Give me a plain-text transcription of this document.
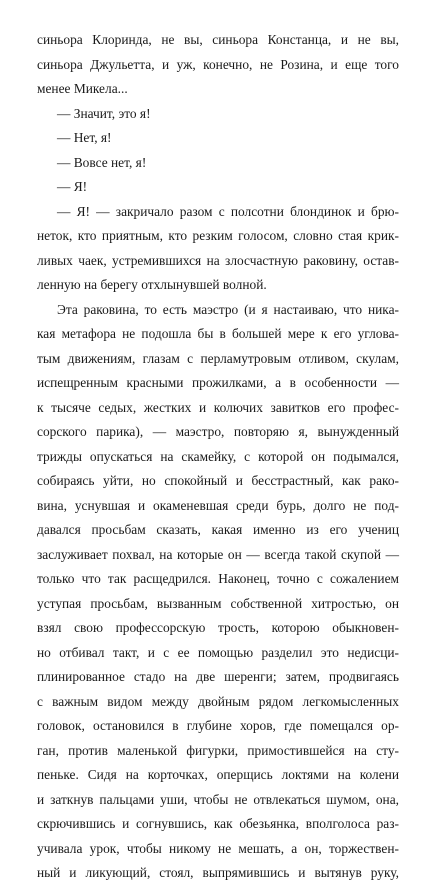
синьора Клоринда, не вы, синьора Констанца, и не вы,
синьора Джульетта, и уж, конечно, не Розина, и еще того
менее Микела...
— Значит, это я!
— Нет, я!
— Вовсе нет, я!
— Я!
— Я! — закричало разом с полсотни блондинок и брю-
неток, кто приятным, кто резким голосом, словно стая крик-
ливых чаек, устремившихся на злосчастную раковину, остав-
ленную на берегу отхлынувшей волной.
Эта раковина, то есть маэстро (и я настаиваю, что ника-
кая метафора не подошла бы в большей мере к его углова-
тым движениям, глазам с перламутровым отливом, скулам,
испещренным красными прожилками, а в особенности —
к тысяче седых, жестких и колючих завитков его профес-
сорского парика), — маэстро, повторяю я, вынужденный
трижды опускаться на скамейку, с которой он подымался,
собираясь уйти, но спокойный и бесстрастный, как рако-
вина, уснувшая и окаменевшая среди бурь, долго не под-
давался просьбам сказать, какая именно из его учениц
заслуживает похвал, на которые он — всегда такой скупой —
только что так расщедрился. Наконец, точно с сожалением
уступая просьбам, вызванным собственной хитростью, он
взял свою профессорскую трость, которою обыкновен-
но отбивал такт, и с ее помощью разделил это недисци-
плинированное стадо на две шеренги; затем, продвигаясь
с важным видом между двойным рядом легкомысленных
головок, остановился в глубине хоров, где помещался ор-
ган, против маленькой фигурки, примостившейся на сту-
пеньке. Сидя на корточках, оперщись локтями на колени
и заткнув пальцами уши, чтобы не отвлекаться шумом, она,
скрючившись и согнувшись, как обезьянка, вполголоса раз-
учивала урок, чтобы никому не мешать, а он, торжествен-
ный и ликующий, стоял, выпрямившись и вытянув руку,
